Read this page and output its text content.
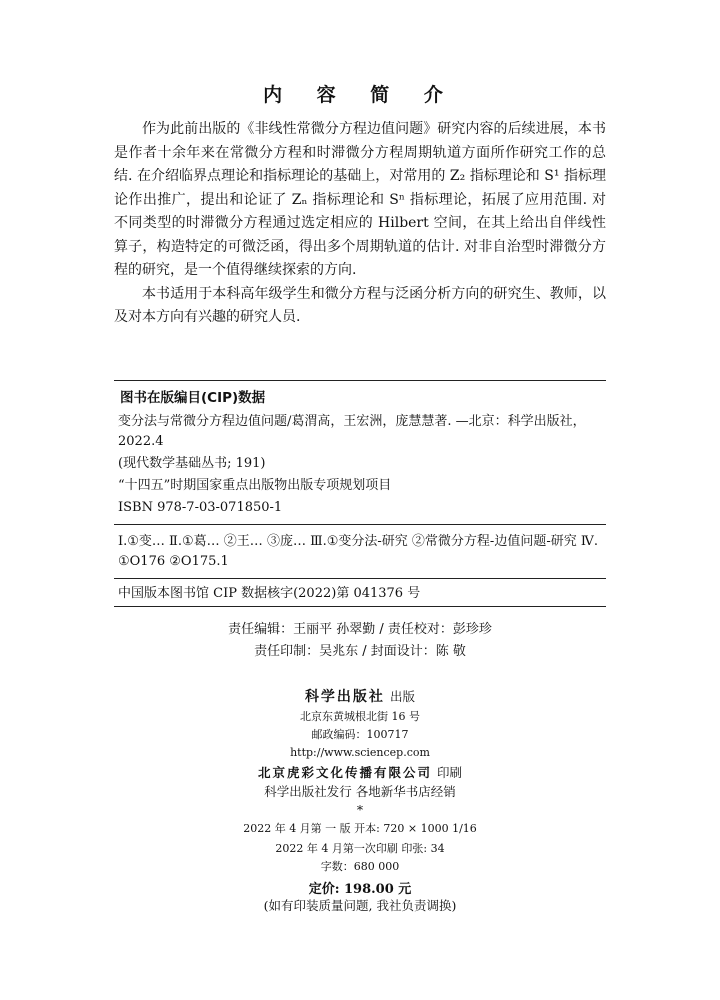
内 容 简 介

作为此前出版的《非线性常微分方程边值问题》研究内容的后续进展，本书是作者十余年来在常微分方程和时滞微分方程周期轨道方面所作研究工作的总结. 在介绍临界点理论和指标理论的基础上，对常用的 Z₂ 指标理论和 S¹ 指标理论作出推广，提出和论证了 Zₙ 指标理论和 Sⁿ 指标理论，拓展了应用范围. 对不同类型的时滞微分方程通过选定相应的 Hilbert 空间，在其上给出自伴线性算子，构造特定的可微泛函，得出多个周期轨道的估计. 对非自治型时滞微分方程的研究，是一个值得继续探索的方向.

本书适用于本科高年级学生和微分方程与泛函分析方向的研究生、教师，以及对本方向有兴趣的研究人员.

图书在版编目(CIP)数据
变分法与常微分方程边值问题/葛渭高，王宏洲，庞慧慧著. —北京：科学出版社，2022.4
(现代数学基础丛书; 191)
“十四五”时期国家重点出版物出版专项规划项目
ISBN 978-7-03-071850-1
Ⅰ.①变… Ⅱ.①葛… ②王… ③庞… Ⅲ.①变分法-研究 ②常微分方程-边值问题-研究 Ⅳ. ①O176 ②O175.1
中国版本图书馆 CIP 数据核字(2022)第 041376 号
责任编辑：王丽平 孙翠勤 / 责任校对：彭珍珍
责任印制：吴兆东 / 封面设计：陈 敬
科学出版社 出版
北京东黄城根北街 16 号
邮政编码：100717
http://www.sciencep.com
北京虎彩文化传播有限公司 印刷
科学出版社发行 各地新华书店经销
*
2022 年 4 月第 一 版 开本: 720 × 1000 1/16
2022 年 4 月第一次印刷 印张: 34
字数：680 000
定价: 198.00 元
(如有印装质量问题, 我社负责调换)
